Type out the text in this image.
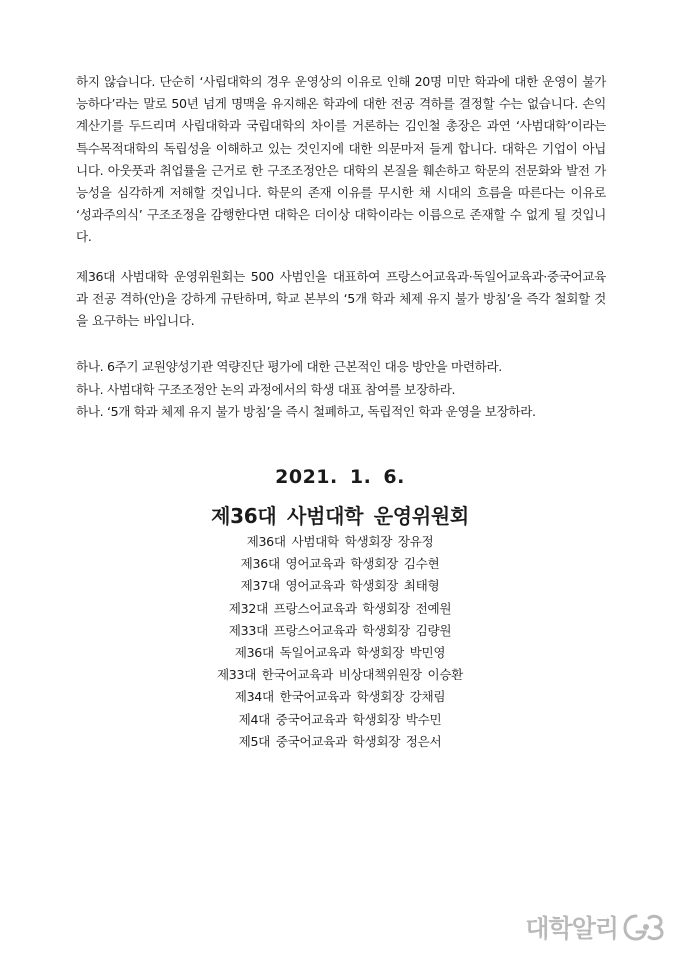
하지 않습니다. 단순히 ‘사립대학의 경우 운영상의 이유로 인해 20명 미만 학과에 대한 운영이 불가능하다’라는 말로 50년 넘게 명맥을 유지해온 학과에 대한 전공 격하를 결정할 수는 없습니다. 손익 계산기를 두드리며 사립대학과 국립대학의 차이를 거론하는 김인철 총장은 과연 ‘사범대학’이라는 특수목적대학의 독립성을 이해하고 있는 것인지에 대한 의문마저 들게 합니다. 대학은 기업이 아닙니다. 아웃풋과 취업률을 근거로 한 구조조정안은 대학의 본질을 훼손하고 학문의 전문화와 발전 가능성을 심각하게 저해할 것입니다. 학문의 존재 이유를 무시한 채 시대의 흐름을 따른다는 이유로 ‘성과주의식’ 구조조정을 감행한다면 대학은 더이상 대학이라는 이름으로 존재할 수 없게 될 것입니다.
제36대 사범대학 운영위원회는 500 사범인을 대표하여 프랑스어교육과·독일어교육과·중국어교육과 전공 격하(안)을 강하게 규탄하며, 학교 본부의 ‘5개 학과 체제 유지 불가 방침’을 즉각 철회할 것을 요구하는 바입니다.
하나. 6주기 교원양성기관 역량진단 평가에 대한 근본적인 대응 방안을 마련하라.
하나. 사범대학 구조조정안 논의 과정에서의 학생 대표 참여를 보장하라.
하나. ‘5개 학과 체제 유지 불가 방침’을 즉시 철폐하고, 독립적인 학과 운영을 보장하라.
2021. 1. 6.
제36대 사범대학 운영위원회
제36대 사범대학 학생회장 장유정
제36대 영어교육과 학생회장 김수현
제37대 영어교육과 학생회장 최태형
제32대 프랑스어교육과 학생회장 전예원
제33대 프랑스어교육과 학생회장 김량원
제36대 독일어교육과 학생회장 박민영
제33대 한국어교육과 비상대책위원장 이승환
제34대 한국어교육과 학생회장 강채림
제4대 중국어교육과 학생회장 박수민
제5대 중국어교육과 학생회장 정은서
대학알리
